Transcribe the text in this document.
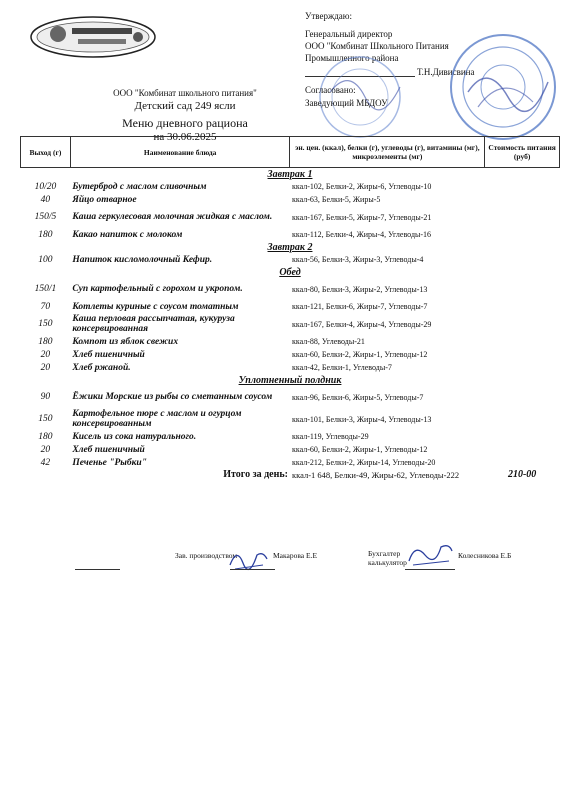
Утверждаю:
Генеральный директор
ООО "Комбинат Школьного Питания
Промышленного района
Т.Н.Дивисвина
Согласовано:
Заведующий МБДОУ
ООО "Комбинат школьного питания"
Детский сад 249 ясли
Меню дневного рациона
на 30.06.2025
Выход (г)	Наименование блюда	эн. цен. (ккал), белки (г), углеводы (г), витамины (мг), микроэлементы (мг)	Стоимость питания (руб)
Завтрак 1			
10/20	Бутерброд с маслом сливочным	ккал-102, Белки-2, Жиры-6, Углеводы-10	
40	Яйцо отварное	ккал-63, Белки-5, Жиры-5	
150/5	Каша геркулесовая молочная жидкая с маслом.	ккал-167, Белки-5, Жиры-7, Углеводы-21	
180	Какао напиток с молоком	ккал-112, Белки-4, Жиры-4, Углеводы-16	
Завтрак 2			
100	Напиток кисломолочный Кефир.	ккал-56, Белки-3, Жиры-3, Углеводы-4	
Обед			
150/1	Суп картофельный с горохом и укропом.	ккал-80, Белки-3, Жиры-2, Углеводы-13	
70	Котлеты куриные с соусом томатным	ккал-121, Белки-6, Жиры-7, Углеводы-7	
150	Каша перловая рассыпчатая, кукуруза консервированная	ккал-167, Белки-4, Жиры-4, Углеводы-29	
180	Компот из яблок свежих	ккал-88, Углеводы-21	
20	Хлеб пшеничный	ккал-60, Белки-2, Жиры-1, Углеводы-12	
20	Хлеб ржаной.	ккал-42, Белки-1, Углеводы-7	
Уплотненный полдник			
90	Ёжики Морские из рыбы со сметанным соусом	ккал-96, Белки-6, Жиры-5, Углеводы-7	
150	Картофельное пюре с маслом и огурцом консервированным	ккал-101, Белки-3, Жиры-4, Углеводы-13	
180	Кисель из сока натурального.	ккал-119, Углеводы-29	
20	Хлеб пшеничный	ккал-60, Белки-2, Жиры-1, Углеводы-12	
42	Печенье "Рыбки"	ккал-212, Белки-2, Жиры-14, Углеводы-20	
	Итого за день:	ккал-1 648, Белки-49, Жиры-62, Углеводы-222	210-00
Зав. производством	Макарова Е.Е	Бухгалтер калькулятор
Колесникова Е.Б
